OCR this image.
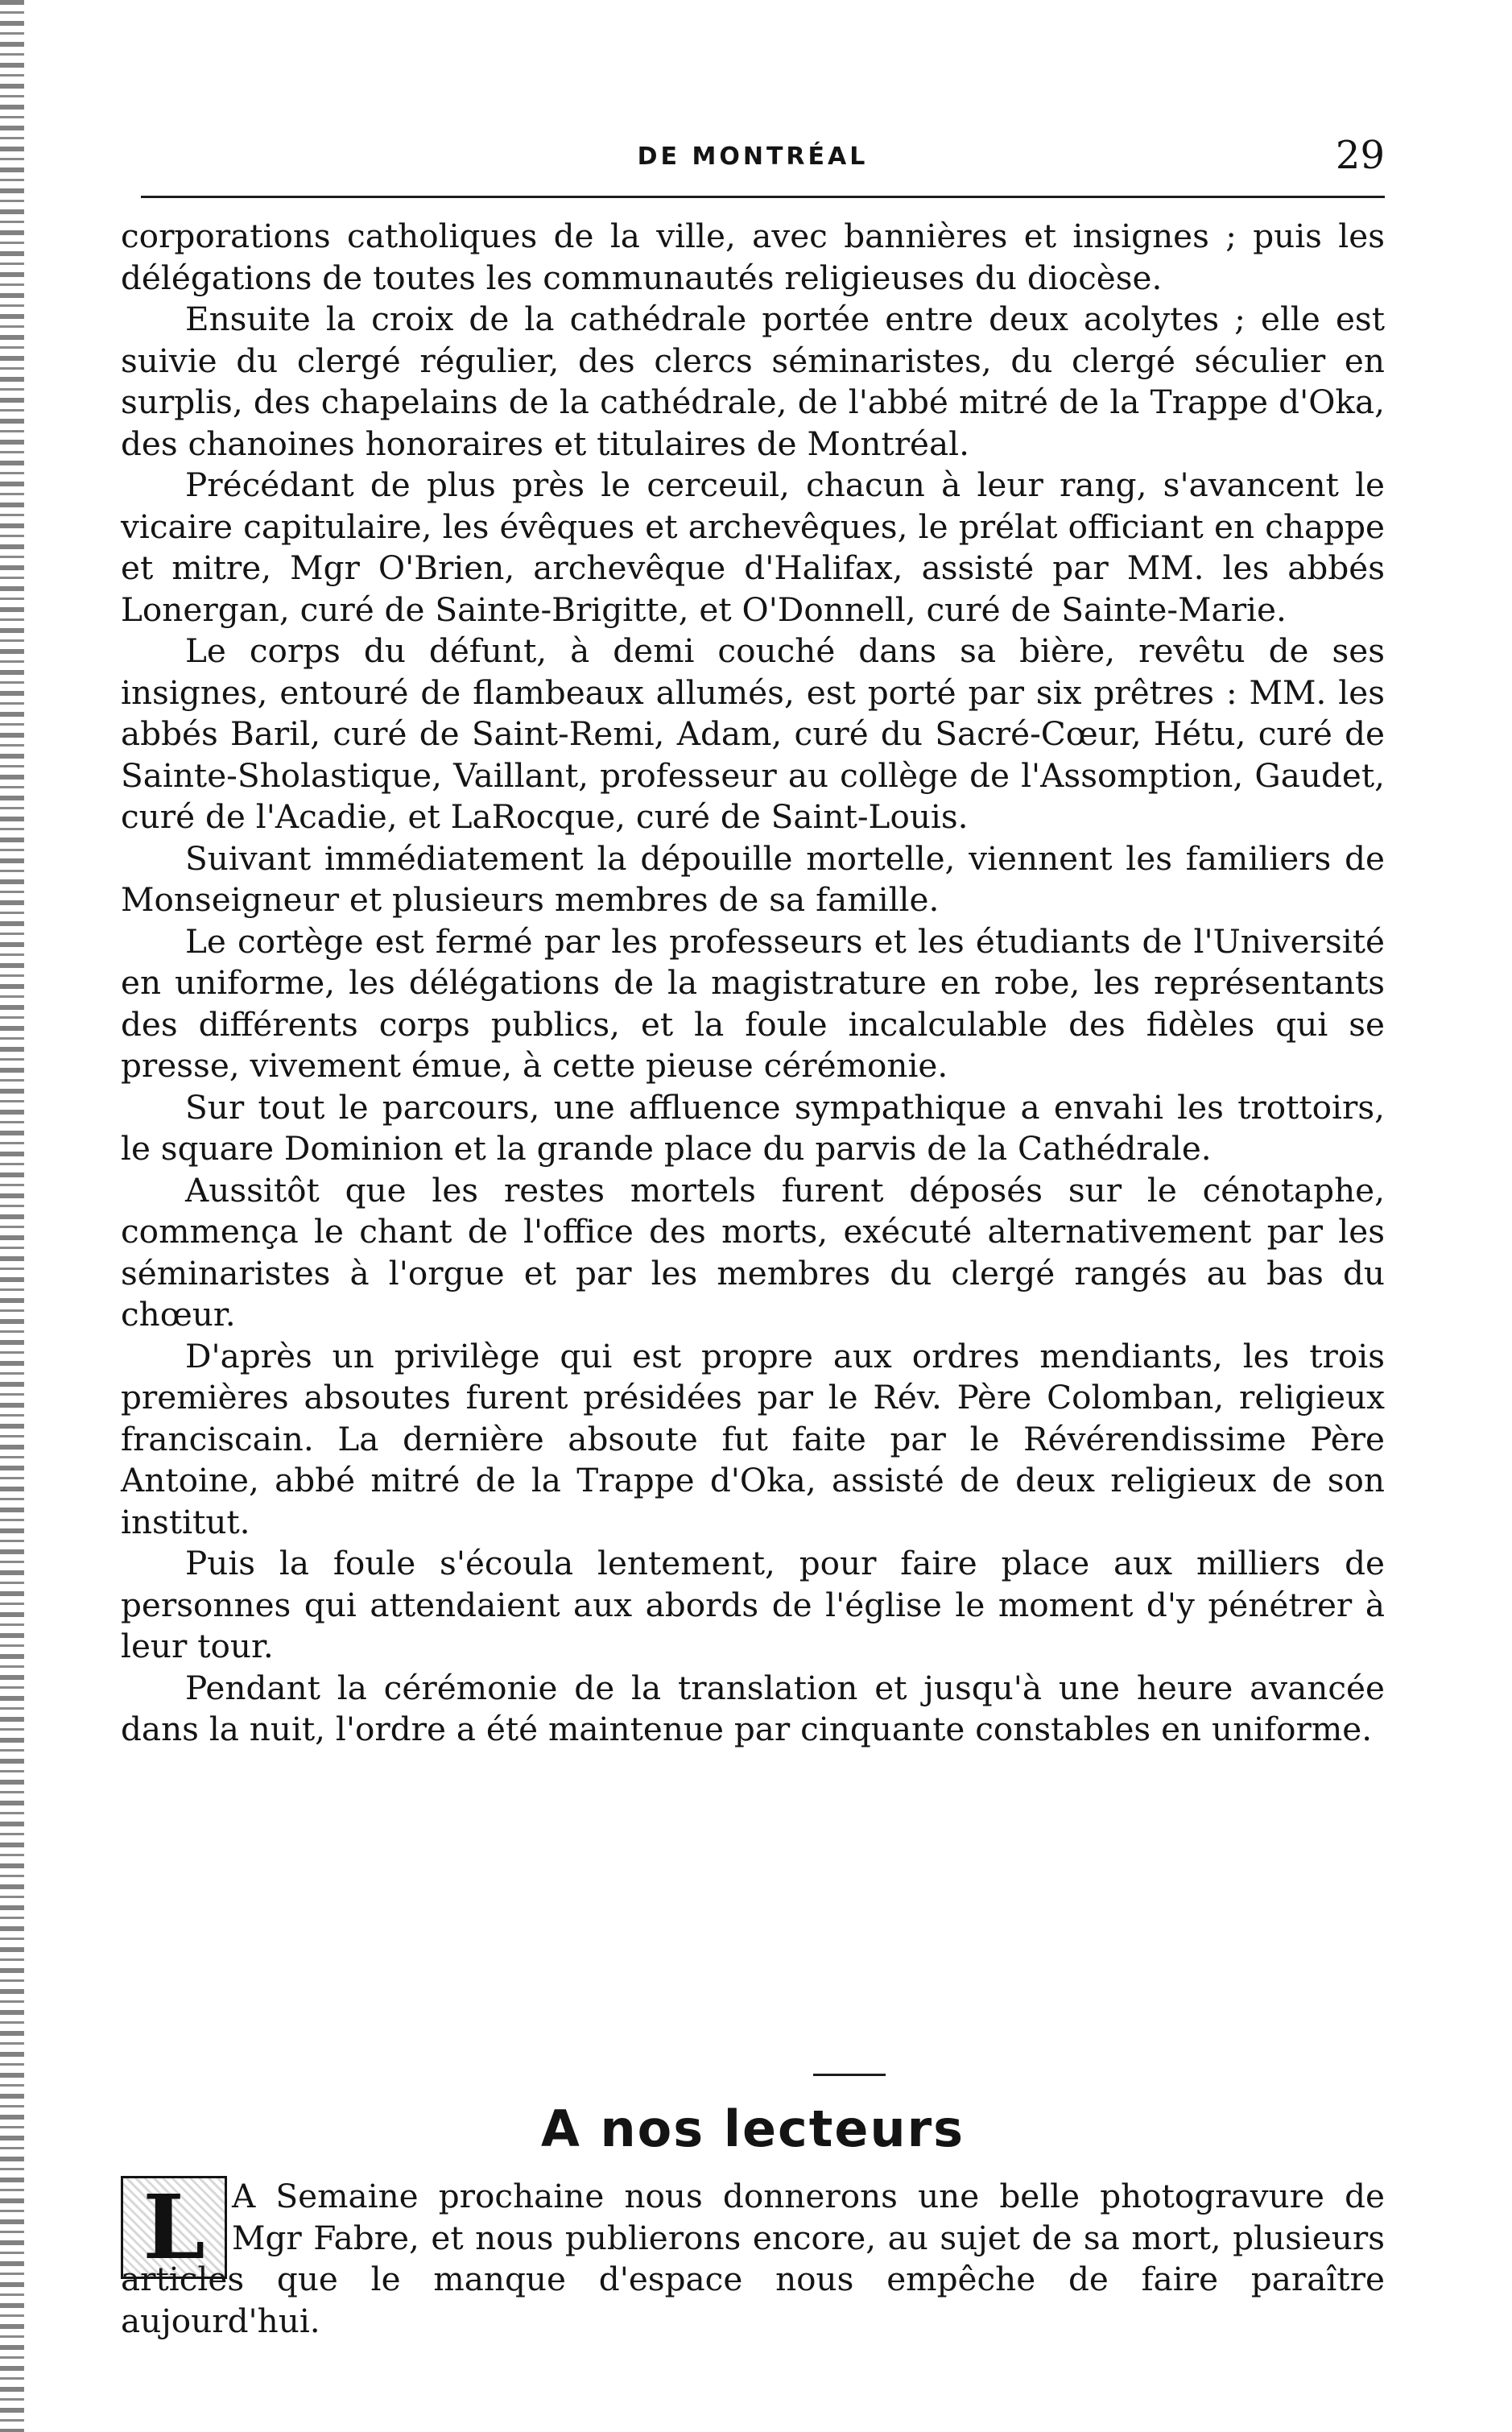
DE MONTRÉAL	29

corporations catholiques de la ville, avec bannières et insignes ; puis les délégations de toutes les communautés religieuses du diocèse.

Ensuite la croix de la cathédrale portée entre deux acolytes ; elle est suivie du clergé régulier, des clercs séminaristes, du clergé séculier en surplis, des chapelains de la cathédrale, de l'abbé mitré de la Trappe d'Oka, des chanoines honoraires et titulaires de Montréal.

Précédant de plus près le cerceuil, chacun à leur rang, s'avancent le vicaire capitulaire, les évêques et archevêques, le prélat officiant en chappe et mitre, Mgr O'Brien, archevêque d'Halifax, assisté par MM. les abbés Lonergan, curé de Sainte-Brigitte, et O'Donnell, curé de Sainte-Marie.

Le corps du défunt, à demi couché dans sa bière, revêtu de ses insignes, entouré de flambeaux allumés, est porté par six prêtres : MM. les abbés Baril, curé de Saint-Remi, Adam, curé du Sacré-Cœur, Hétu, curé de Sainte-Sholastique, Vaillant, professeur au collège de l'Assomption, Gaudet, curé de l'Acadie, et LaRocque, curé de Saint-Louis.

Suivant immédiatement la dépouille mortelle, viennent les familiers de Monseigneur et plusieurs membres de sa famille.

Le cortège est fermé par les professeurs et les étudiants de l'Université en uniforme, les délégations de la magistrature en robe, les représentants des différents corps publics, et la foule incalculable des fidèles qui se presse, vivement émue, à cette pieuse cérémonie.

Sur tout le parcours, une affluence sympathique a envahi les trottoirs, le square Dominion et la grande place du parvis de la Cathédrale.

Aussitôt que les restes mortels furent déposés sur le cénotaphe, commença le chant de l'office des morts, exécuté alternativement par les séminaristes à l'orgue et par les membres du clergé rangés au bas du chœur.

D'après un privilège qui est propre aux ordres mendiants, les trois premières absoutes furent présidées par le Rév. Père Colomban, religieux franciscain. La dernière absoute fut faite par le Révérendissime Père Antoine, abbé mitré de la Trappe d'Oka, assisté de deux religieux de son institut.

Puis la foule s'écoula lentement, pour faire place aux milliers de personnes qui attendaient aux abords de l'église le moment d'y pénétrer à leur tour.

Pendant la cérémonie de la translation et jusqu'à une heure avancée dans la nuit, l'ordre a été maintenue par cinquante constables en uniforme.

A nos lecteurs
L A Semaine prochaine nous donnerons une belle photogravure de Mgr Fabre, et nous publierons encore, au sujet de sa mort, plusieurs articles que le manque d'espace nous empêche de faire paraître aujourd'hui.
